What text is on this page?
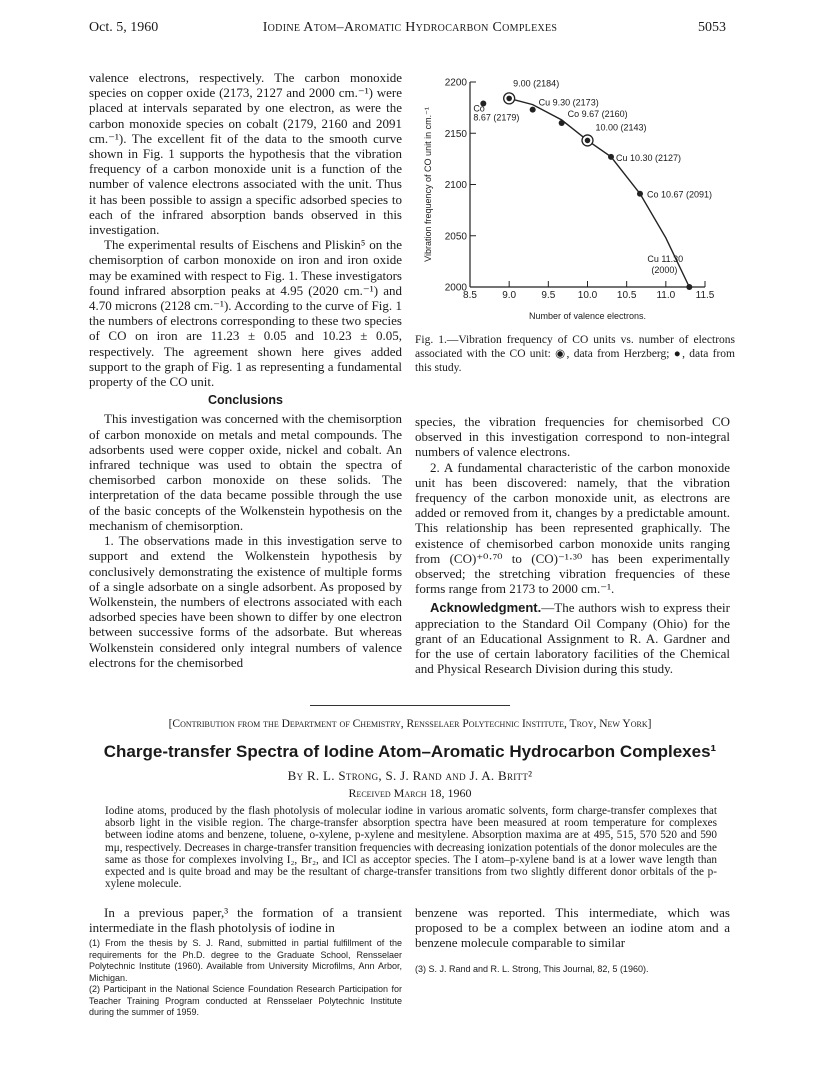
Oct. 5, 1960	Iodine Atom–Aromatic Hydrocarbon Complexes	5053

valence electrons, respectively. The carbon monoxide species on copper oxide (2173, 2127 and 2000 cm.⁻¹) were placed at intervals separated by one electron, as were the carbon monoxide species on cobalt (2179, 2160 and 2091 cm.⁻¹). The excellent fit of the data to the smooth curve shown in Fig. 1 supports the hypothesis that the vibration frequency of a carbon monoxide unit is a function of the number of valence electrons associated with the unit. Thus it has been possible to assign a specific adsorbed species to each of the infrared absorption bands observed in this investigation.

The experimental results of Eischens and Pliskin⁵ on the chemisorption of carbon monoxide on iron and iron oxide may be examined with respect to Fig. 1. These investigators found infrared absorption peaks at 4.95 (2020 cm.⁻¹) and 4.70 microns (2128 cm.⁻¹). According to the curve of Fig. 1 the numbers of electrons corresponding to these two species of CO on iron are 11.23 ± 0.05 and 10.23 ± 0.05, respectively. The agreement shown here gives added support to the graph of Fig. 1 as representing a fundamental property of the CO unit.

Conclusions

This investigation was concerned with the chemisorption of carbon monoxide on metals and metal compounds. The adsorbents used were copper oxide, nickel and cobalt. An infrared technique was used to obtain the spectra of chemisorbed carbon monoxide on these solids. The interpretation of the data became possible through the use of the basic concepts of the Wolkenstein hypothesis on the mechanism of chemisorption.

1. The observations made in this investigation serve to support and extend the Wolkenstein hypothesis by conclusively demonstrating the existence of multiple forms of a single adsorbate on a single adsorbent. As proposed by Wolkenstein, the numbers of electrons associated with each adsorbed species have been shown to differ by one electron between successive forms of the adsorbate. But whereas Wolkenstein considered only integral numbers of valence electrons for the chemisorbed

2000
2050
2100
2150
2200
8.5	9.0	9.5 10.0 10.5 11.0 11.5
Number of valence electrons.
Vibration frequency of CO unit in cm.⁻¹
9.00 (2184)
10.00 (2143)
Co
8.67 (2179)
Cu 9.30 (2173)
Co 9.67 (2160)
Cu 10.30 (2127)
Co 10.67 (2091)
Cu 11.30
(2000)
Fig. 1.—Vibration frequency of CO units vs. number of electrons associated with the CO unit: ◉, data from Herzberg; ●, data from this study.

species, the vibration frequencies for chemisorbed CO observed in this investigation correspond to non-integral numbers of valence electrons.

2. A fundamental characteristic of the carbon monoxide unit has been discovered: namely, that the vibration frequency of the carbon monoxide unit, as electrons are added or removed from it, changes by a predictable amount. This relationship has been represented graphically. The existence of chemisorbed carbon monoxide units ranging from (CO)⁺⁰·⁷⁰ to (CO)⁻¹·³⁰ has been experimentally observed; the stretching vibration frequencies of these forms range from 2173 to 2000 cm.⁻¹.

Acknowledgment.—The authors wish to express their appreciation to the Standard Oil Company (Ohio) for the grant of an Educational Assignment to R. A. Gardner and for the use of certain laboratory facilities of the Chemical and Physical Research Division during this study.

[Contribution from the Department of Chemistry, Rensselaer Polytechnic Institute, Troy, New York]
Charge-transfer Spectra of Iodine Atom–Aromatic Hydrocarbon Complexes¹
By R. L. Strong, S. J. Rand and J. A. Britt²
Received March 18, 1960
Iodine atoms, produced by the flash photolysis of molecular iodine in various aromatic solvents, form charge-transfer complexes that absorb light in the visible region. The charge-transfer absorption spectra have been measured at room temperature for complexes between iodine atoms and benzene, toluene, o-xylene, p-xylene and mesitylene. Absorption maxima are at 495, 515, 570 520 and 590 mμ, respectively. Decreases in charge-transfer transition frequencies with decreasing ionization potentials of the donor molecules are the same as those for complexes involving I₂, Br₂, and ICl as acceptor species. The I atom–p-xylene band is at a lower wave length than expected and is quite broad and may be the resultant of charge-transfer transitions from two slightly different donor orbitals of the p-xylene molecule.

In a previous paper,³ the formation of a transient intermediate in the flash photolysis of iodine in

(1) From the thesis by S. J. Rand, submitted in partial fulfillment of the requirements for the Ph.D. degree to the Graduate School, Rensselaer Polytechnic Institute (1960). Available from University Microfilms, Ann Arbor, Michigan.
(2) Participant in the National Science Foundation Research Participation for Teacher Training Program conducted at Rensselaer Polytechnic Institute during the summer of 1959.

benzene was reported. This intermediate, which was proposed to be a complex between an iodine atom and a benzene molecule comparable to similar

(3) S. J. Rand and R. L. Strong, This Journal, 82, 5 (1960).
